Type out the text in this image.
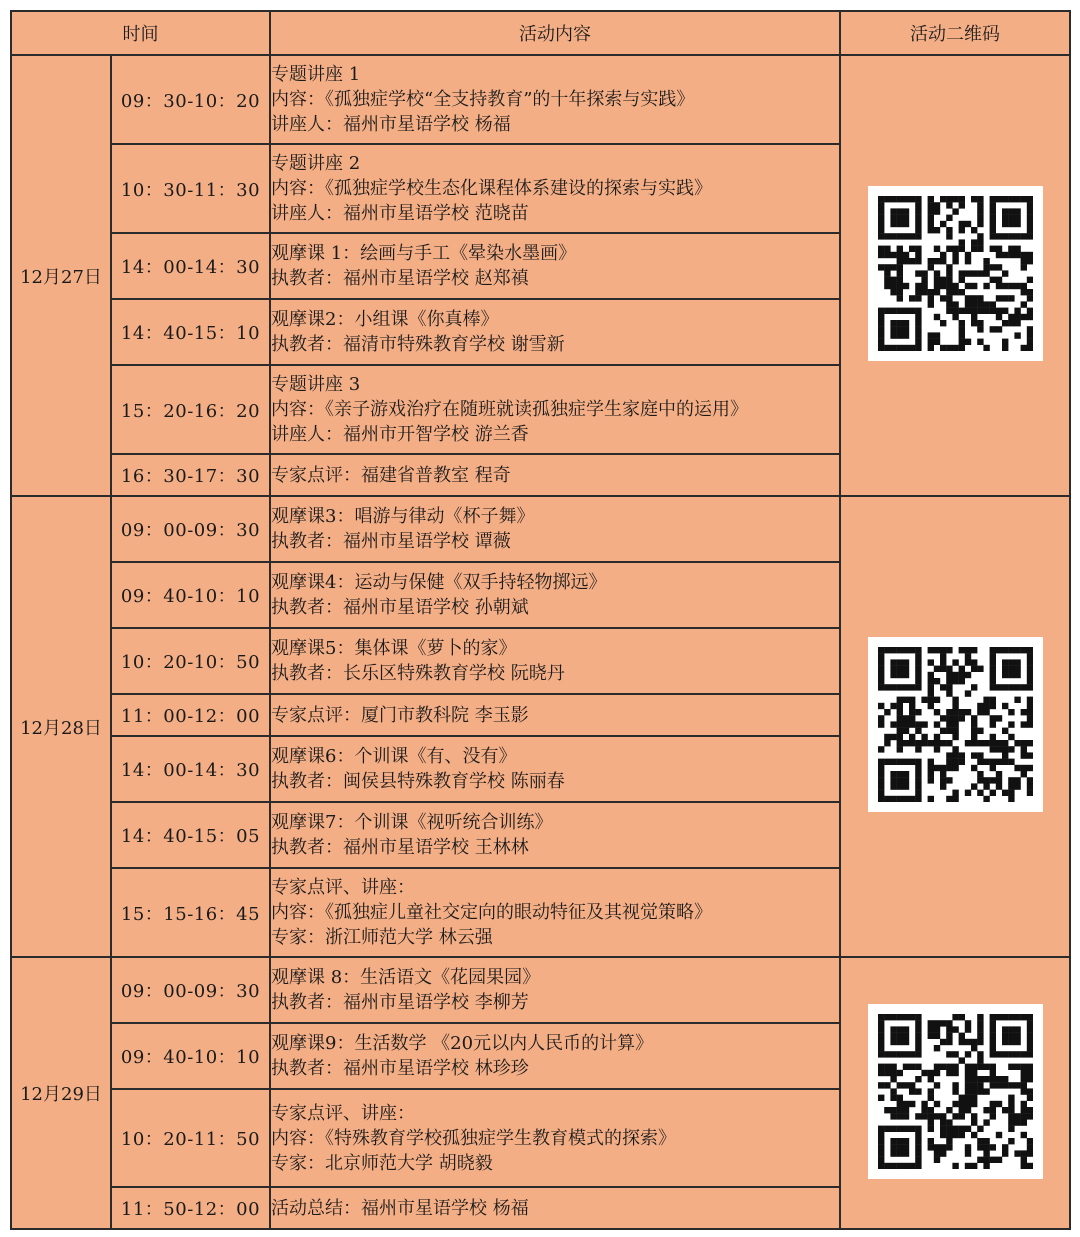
时间		活动内容	活动二维码
12月27日	09：30-10：20	专题讲座 1
内容：《孤独症学校“全支持教育”的十年探索与实践》
讲座人：福州市星语学校 杨福

	10：30-11：30	专题讲座 2
内容：《孤独症学校生态化课程体系建设的探索与实践》
讲座人：福州市星语学校 范晓苗	

	14：00-14：30	观摩课 1：绘画与手工《晕染水墨画》
执教者：福州市星语学校 赵郑禛	

	14：40-15：10	观摩课2：小组课《你真棒》
执教者：福清市特殊教育学校 谢雪新	

	15：20-16：20	专题讲座 3
内容：《亲子游戏治疗在随班就读孤独症学生家庭中的运用》
讲座人：福州市开智学校 游兰香	

	16：30-17：30	专家点评：福建省普教室 程奇	

12月28日	09：00-09：30	观摩课3：唱游与律动《杯子舞》
执教者：福州市星语学校 谭薇

	09：40-10：10	观摩课4：运动与保健《双手持轻物掷远》
执教者：福州市星语学校 孙朝斌	

	10：20-10：50	观摩课5：集体课《萝卜的家》
执教者：长乐区特殊教育学校 阮晓丹	

	11：00-12：00	专家点评：厦门市教科院 李玉影	

	14：00-14：30	观摩课6：个训课《有、没有》
执教者：闽侯县特殊教育学校 陈丽春	

	14：40-15：05	观摩课7：个训课《视听统合训练》
执教者：福州市星语学校 王林林	

	15：15-16：45	专家点评、讲座：
内容：《孤独症儿童社交定向的眼动特征及其视觉策略》
专家：浙江师范大学 林云强	

12月29日	09：00-09：30	观摩课 8：生活语文《花园果园》
执教者：福州市星语学校 李柳芳

	09：40-10：10	观摩课9：生活数学 《20元以内人民币的计算》
执教者：福州市星语学校 林珍珍	

	10：20-11：50	专家点评、讲座：
内容：《特殊教育学校孤独症学生教育模式的探索》
专家：北京师范大学 胡晓毅	

	11：50-12：00	活动总结：福州市星语学校 杨福	
